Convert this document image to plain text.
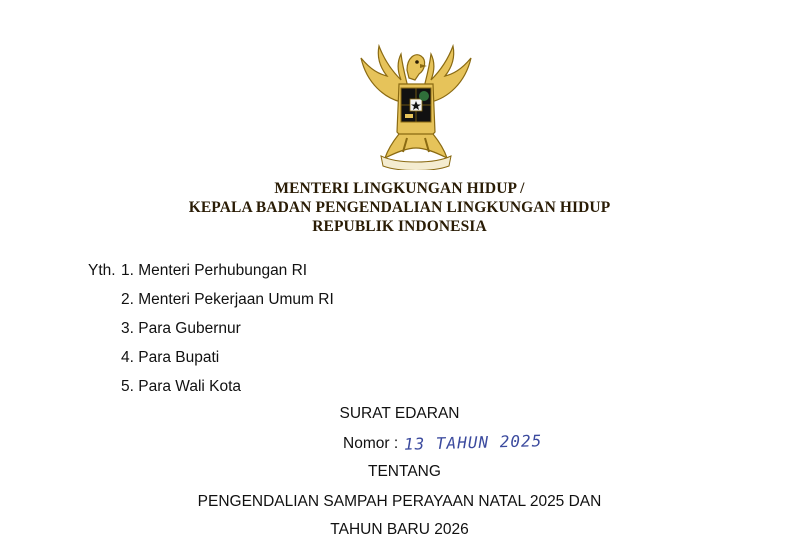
MENTERI LINGKUNGAN HIDUP /
KEPALA BADAN PENGENDALIAN LINGKUNGAN HIDUP
REPUBLIK INDONESIA
Yth. 1. Menteri Perhubungan RI
2. Menteri Pekerjaan Umum RI
3. Para Gubernur
4. Para Bupati
5. Para Wali Kota
SURAT EDARAN
Nomor : 13 TAHUN 2025
TENTANG
PENGENDALIAN SAMPAH PERAYAAN NATAL 2025 DAN
TAHUN BARU 2026
